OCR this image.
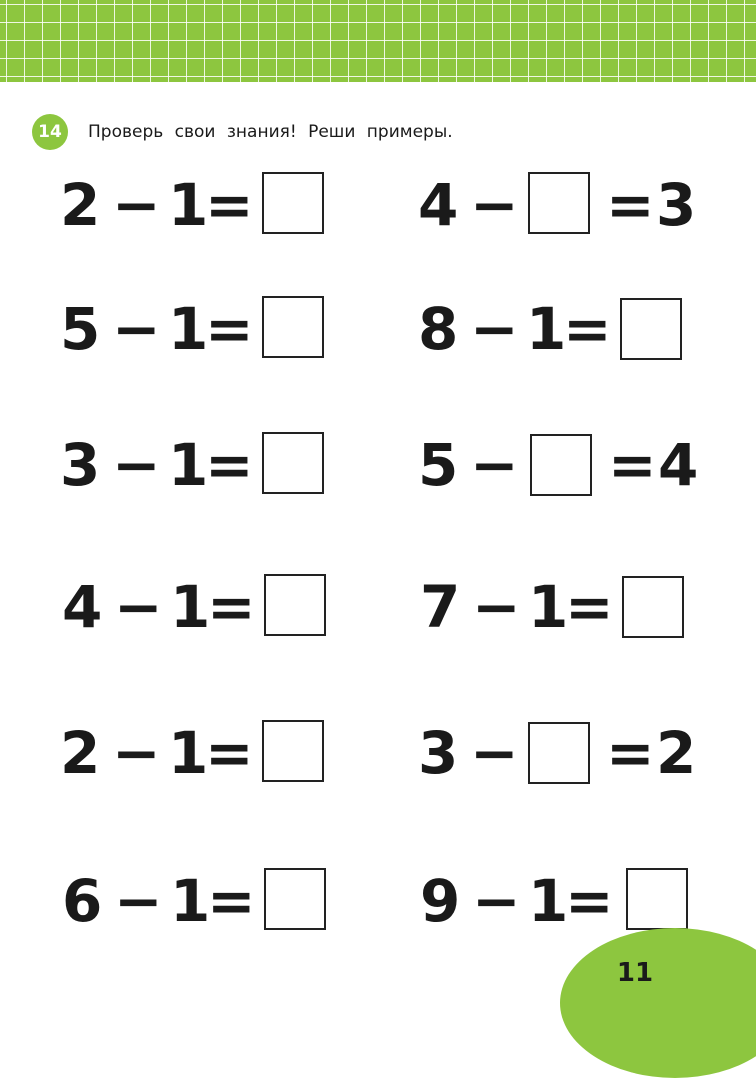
14	Проверь свои знания! Реши примеры.
2 − 1
=	4 − = 3
5 − 1
=	8 − 1
=
3 − 1
=	5 − = 4
4 − 1
=	7 − 1
=
2 − 1
=	3 − = 2
6 − 1
=	9 − 1
=
11
